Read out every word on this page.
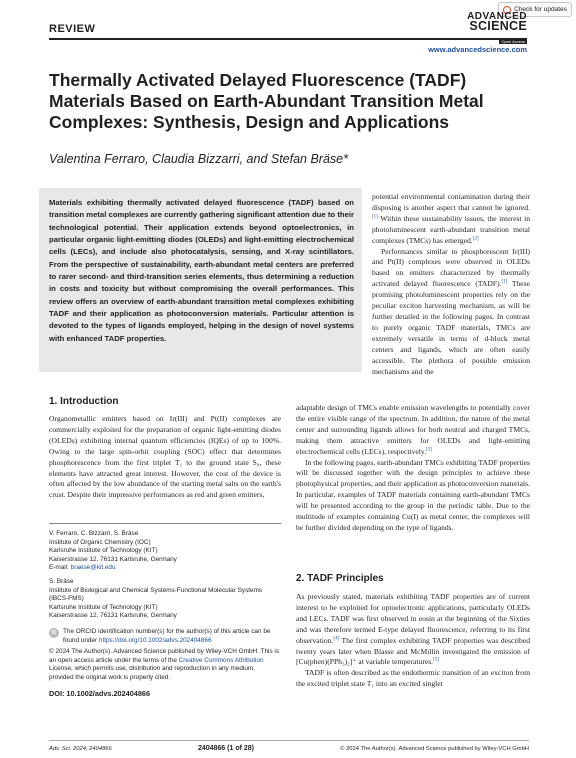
Check for updates
REVIEW
ADVANCED
SCIENCE
Open Access
www.advancedscience.com
Thermally Activated Delayed Fluorescence (TADF) Materials Based on Earth-Abundant Transition Metal Complexes: Synthesis, Design and Applications
Valentina Ferraro, Claudia Bizzarri, and Stefan Bräse*
Materials exhibiting thermally activated delayed fluorescence (TADF) based on transition metal complexes are currently gathering significant attention due to their technological potential. Their application extends beyond optoelectronics, in particular organic light-emitting diodes (OLEDs) and light-emitting electrochemical cells (LECs), and include also photocatalysis, sensing, and X-ray scintillators. From the perspective of sustainability, earth-abundant metal centers are preferred to rarer second- and third-transition series elements, thus determining a reduction in costs and toxicity but without compromising the overall performances. This review offers an overview of earth-abundant transition metal complexes exhibiting TADF and their application as photoconversion materials. Particular attention is devoted to the types of ligands employed, helping in the design of novel systems with enhanced TADF properties.

potential environmental contamination during their disposing is another aspect that cannot be ignored.[1] Within these sustainability issues, the interest in photoluminescent earth-abundant transition metal complexes (TMCs) has emerged.[2]

Performances similar to phosphorescent Ir(III) and Pt(II) complexes were observed in OLEDs based on emitters characterized by thermally activated delayed fluorescence (TADF).[1] These promising photoluminescent properties rely on the peculiar exciton harvesting mechanism, as will be further detailed in the following pages. In contrast to purely organic TADF materials, TMCs are extremely versatile in terms of d-block metal centers and ligands, which are often easily accessible. The plethora of possible emission mechanisms and the

1. Introduction

Organometallic emitters based on Ir(III) and Pt(II) complexes are commercially exploited for the preparation of organic light-emitting diodes (OLEDs) exhibiting internal quantum efficiencies (IQEs) of up to 100%. Owing to the large spin-orbit coupling (SOC) effect that determines phosphorescence from the first triplet T₁ to the ground state S₀, these elements have attracted great interest. However, the cost of the device is often affected by the low abundance of the starting metal salts on the earth's crust. Despite their impressive performances as red and green emitters,

adaptable design of TMCs enable emission wavelengths to potentially cover the entire visible range of the spectrum. In addition, the nature of the metal center and surrounding ligands allows for both neutral and charged TMCs, making them attractive emitters for OLEDs and light-emitting electrochemical cells (LECs), respectively.[3]

In the following pages, earth-abundant TMCs exhibiting TADF properties will be discussed together with the design principles to achieve these photophysical properties, and their application as photoconversion materials. In particular, examples of TADF materials containing earth-abundant TMCs will be presented according to the group in the periodic table. Due to the multitude of examples containing Cu(I) as metal center, the complexes will be further divided depending on the type of ligands.

2. TADF Principles

As previously stated, materials exhibiting TADF properties are of current interest to be exploited for optoelectronic applications, particularly OLEDs and LECs. TADF was first observed in eosin at the beginning of the Sixties and was therefore termed E-type delayed fluorescence, referring to its first observation.[4] The first complex exhibiting TADF properties was described twenty years later when Blasse and McMillin investigated the emission of [Cu(phen)(PPh₃)₂]⁺ at variable temperatures.[5]

TADF is often described as the endothermic transition of an exciton from the excited triplet state T₁ into an excited singlet

V. Ferraro, C. Bizzarri, S. Bräse
Institute of Organic Chemistry (IOC)
Karlsruhe Institute of Technology (KIT)
Kaiserstrasse 12, 76131 Karlsruhe, Germany
E-mail: braese@kit.edu
S. Bräse
Institute of Biological and Chemical Systems-Functional Molecular Systems (IBCS-FMS)
Karlsruhe Institute of Technology (KIT)
Kaiserstrasse 12, 76131 Karlsruhe, Germany
iD	The ORCID identification number(s) for the author(s) of this article can be found under https://doi.org/10.1002/advs.202404866
© 2024 The Author(s). Advanced Science published by Wiley-VCH GmbH. This is an open access article under the terms of the Creative Commons Attribution License, which permits use, distribution and reproduction in any medium, provided the original work is properly cited.
DOI: 10.1002/advs.202404866
Adv. Sci. 2024, 2404866	2404866 (1 of 28)	© 2024 The Author(s). Advanced Science published by Wiley-VCH GmbH
